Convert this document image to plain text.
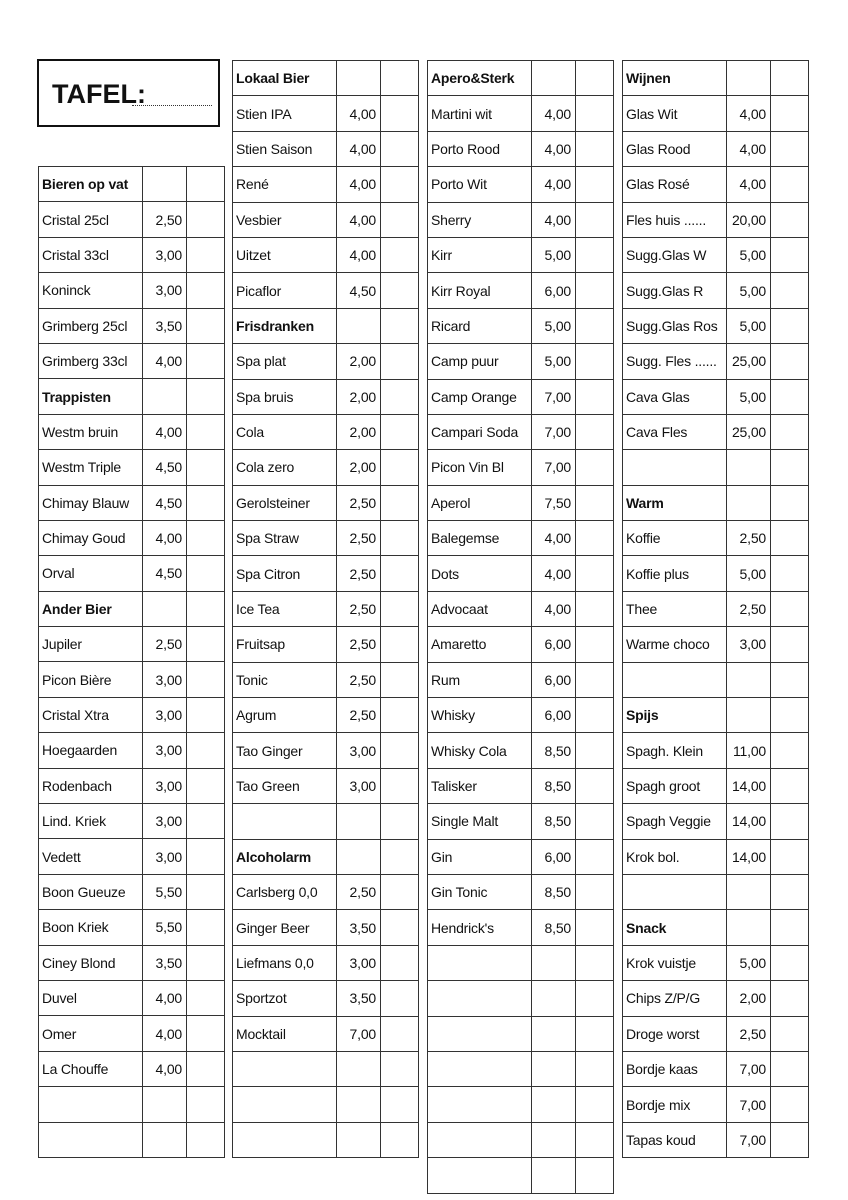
TAFEL:
Bieren op vat		
Cristal 25cl	2,50	
Cristal 33cl	3,00	
Koninck	3,00	
Grimberg 25cl	3,50	
Grimberg 33cl	4,00	
Trappisten		
Westm bruin	4,00	
Westm Triple	4,50	
Chimay Blauw	4,50	
Chimay Goud	4,00	
Orval	4,50	
Ander Bier		
Jupiler	2,50	
Picon Bière	3,00	
Cristal Xtra	3,00	
Hoegaarden	3,00	
Rodenbach	3,00	
Lind. Kriek	3,00	
Vedett	3,00	
Boon Gueuze	5,50	
Boon Kriek	5,50	
Ciney Blond	3,50	
Duvel	4,00	
Omer	4,00	
La Chouffe	4,00	

Lokaal Bier		
Stien IPA	4,00	
Stien Saison	4,00	
René	4,00	
Vesbier	4,00	
Uitzet	4,00	
Picaflor	4,50	
Frisdranken		
Spa plat	2,00	
Spa bruis	2,00	
Cola	2,00	
Cola zero	2,00	
Gerolsteiner	2,50	
Spa Straw	2,50	
Spa Citron	2,50	
Ice Tea	2,50	
Fruitsap	2,50	
Tonic	2,50	
Agrum	2,50	
Tao Ginger	3,00	
Tao Green	3,00	

Alcoholarm		
Carlsberg 0,0	2,50	
Ginger Beer	3,50	
Liefmans 0,0	3,00	
Sportzot	3,50	
Mocktail	7,00	

Apero&Sterk		
Martini wit	4,00	
Porto Rood	4,00	
Porto Wit	4,00	
Sherry	4,00	
Kirr	5,00	
Kirr Royal	6,00	
Ricard	5,00	
Camp puur	5,00	
Camp Orange	7,00	
Campari Soda	7,00	
Picon Vin Bl	7,00	
Aperol	7,50	
Balegemse	4,00	
Dots	4,00	
Advocaat	4,00	
Amaretto	6,00	
Rum	6,00	
Whisky	6,00	
Whisky Cola	8,50	
Talisker	8,50	
Single Malt	8,50	
Gin	6,00	
Gin Tonic	8,50	
Hendrick's	8,50	

Wijnen		
Glas Wit	4,00	
Glas Rood	4,00	
Glas Rosé	4,00	
Fles huis ......	20,00	
Sugg.Glas W	5,00	
Sugg.Glas R	5,00	
Sugg.Glas Ros	5,00	
Sugg. Fles ......	25,00	
Cava Glas	5,00	
Cava Fles	25,00	

Warm		
Koffie	2,50	
Koffie plus	5,00	
Thee	2,50	
Warme choco	3,00	

Spijs		
Spagh. Klein	11,00	
Spagh groot	14,00	
Spagh Veggie	14,00	
Krok bol.	14,00	

Snack		
Krok vuistje	5,00	
Chips Z/P/G	2,00	
Droge worst	2,50	
Bordje kaas	7,00	
Bordje mix	7,00	
Tapas koud	7,00	
